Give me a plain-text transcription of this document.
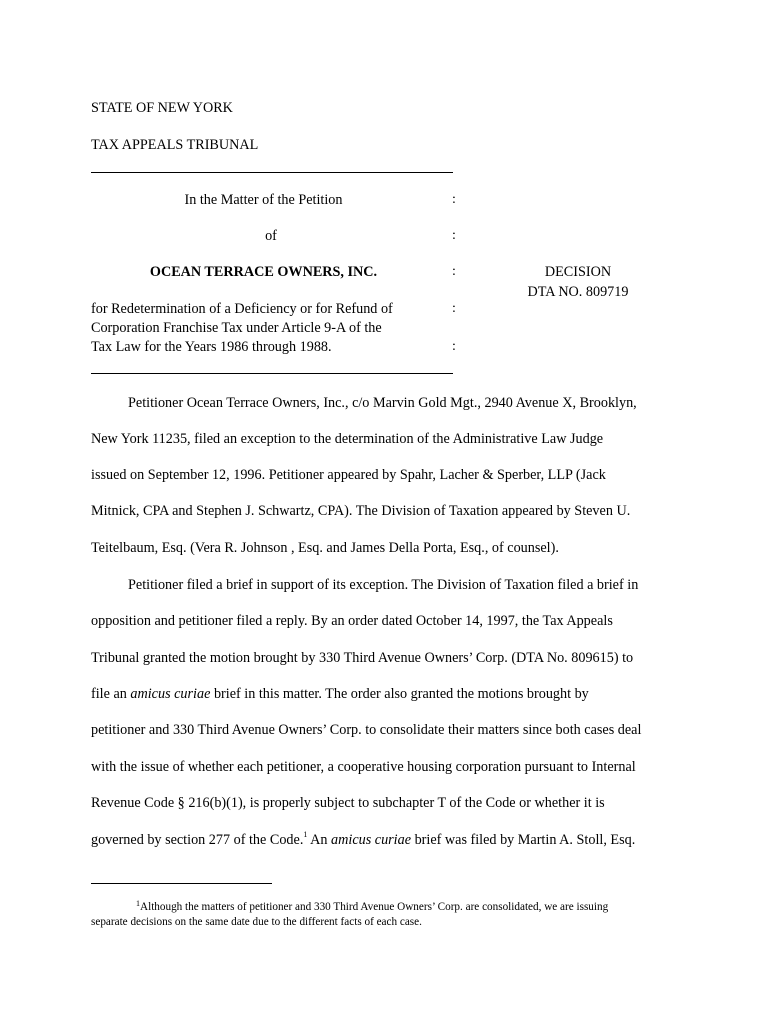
STATE OF NEW YORK
TAX APPEALS TRIBUNAL
In the Matter of the Petition
of
OCEAN TERRACE OWNERS, INC.
for Redetermination of a Deficiency or for Refund of
Corporation Franchise Tax under Article 9-A of the
Tax Law for the Years 1986 through 1988.
:
:
:
:
:
DECISION
DTA NO. 809719
Petitioner Ocean Terrace Owners, Inc., c/o Marvin Gold Mgt., 2940 Avenue X, Brooklyn,
New York 11235, filed an exception to the determination of the Administrative Law Judge
issued on September 12, 1996. Petitioner appeared by Spahr, Lacher & Sperber, LLP (Jack
Mitnick, CPA and Stephen J. Schwartz, CPA). The Division of Taxation appeared by Steven U.
Teitelbaum, Esq. (Vera R. Johnson , Esq. and James Della Porta, Esq., of counsel).
Petitioner filed a brief in support of its exception. The Division of Taxation filed a brief in
opposition and petitioner filed a reply. By an order dated October 14, 1997, the Tax Appeals
Tribunal granted the motion brought by 330 Third Avenue Owners’ Corp. (DTA No. 809615) to
file an amicus curiae brief in this matter. The order also granted the motions brought by
petitioner and 330 Third Avenue Owners’ Corp. to consolidate their matters since both cases deal
with the issue of whether each petitioner, a cooperative housing corporation pursuant to Internal
Revenue Code § 216(b)(1), is properly subject to subchapter T of the Code or whether it is
governed by section 277 of the Code.$^1$ An amicus curiae brief was filed by Martin A. Stoll, Esq.
$^1$Although the matters of petitioner and 330 Third Avenue Owners’ Corp. are consolidated, we are issuing
separate decisions on the same date due to the different facts of each case.
